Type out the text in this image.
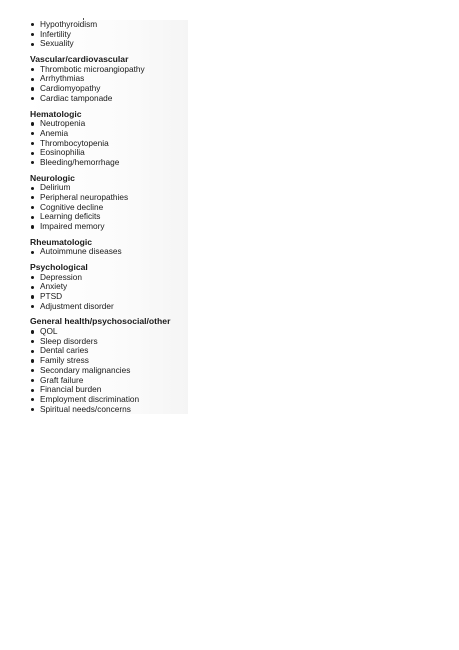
Hypothyroidism
Infertility
Sexuality
Vascular/cardiovascular
Thrombotic microangiopathy
Arrhythmias
Cardiomyopathy
Cardiac tamponade
Hematologic
Neutropenia
Anemia
Thrombocytopenia
Eosinophilia
Bleeding/hemorrhage
Neurologic
Delirium
Peripheral neuropathies
Cognitive decline
Learning deficits
Impaired memory
Rheumatologic
Autoimmune diseases
Psychological
Depression
Anxiety
PTSD
Adjustment disorder
General health/psychosocial/other
QOL
Sleep disorders
Dental caries
Family stress
Secondary malignancies
Graft failure
Financial burden
Employment discrimination
Spiritual needs/concerns
